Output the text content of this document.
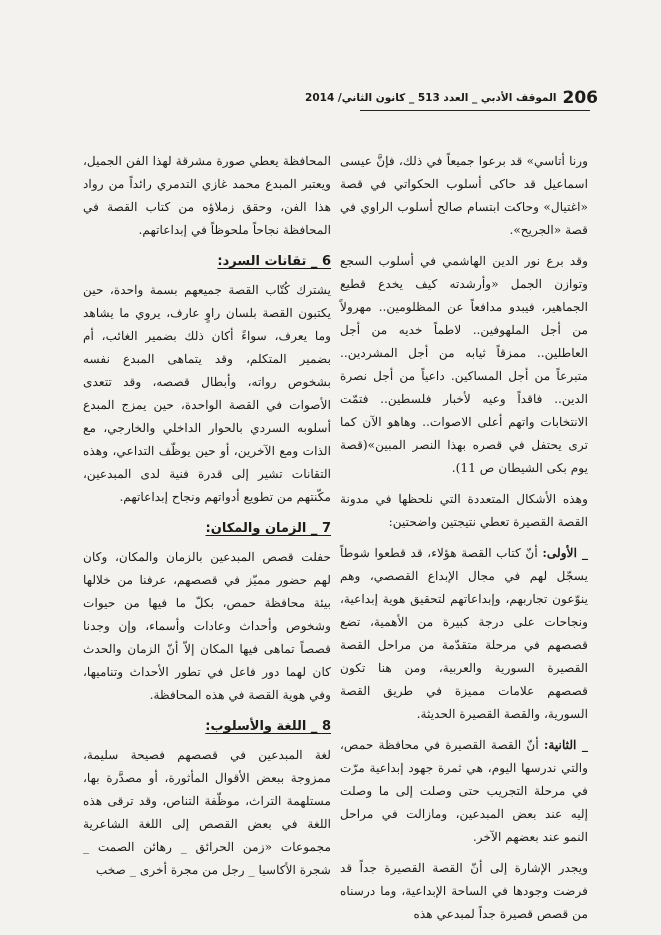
206
الموقف الأدبي _ العدد 513 _ كانون الثاني/ 2014

ورنا أتاسي» قد برعوا جميعاً في ذلك، فإنَّ عيسى اسماعيل قد حاكى أسلوب الحكواتي في قصة «اغتيال» وحاكت ابتسام صالح أسلوب الراوي في قصة «الجريح».

وقد برع نور الدين الهاشمي في أسلوب السجع وتوازن الجمل «وأرشدته كيف يخدع قطيع الجماهير، فيبدو مدافعاً عن المظلومين.. مهرولاً من أجل الملهوفين.. لاطماً خديه من أجل العاطلين.. ممزقاً ثيابه من أجل المشردين.. متبرعاً من أجل المساكين. داعياً من أجل نصرة الدين.. فاقداً وعيه لأخبار فلسطين.. فتمّت الانتخابات واتهم أعلى الاصوات.. وهاهو الآن كما ترى يحتفل في قصره بهذا النصر المبين»(قصة يوم بكى الشيطان ص 11).

وهذه الأشكال المتعددة التي نلحظها في مدونة القصة القصيرة تعطي نتيجتين واضحتين:

_ الأولى: أنّ كتاب القصة هؤلاء، قد قطعوا شوطاً يسجّل لهم في مجال الإبداع القصصي، وهم ينوّعون تجاربهم، وإبداعاتهم لتحقيق هوية إبداعية، ونجاحات على درجة كبيرة من الأهمية، تضع قصصهم في مرحلة متقدّمة من مراحل القصة القصيرة السورية والعربية، ومن هنا تكون قصصهم علامات مميزة في طريق القصة السورية، والقصة القصيرة الحديثة.

_ الثانية: أنّ القصة القصيرة في محافظة حمص، والتي ندرسها اليوم، هي ثمرة جهود إبداعية مرّت في مرحلة التجريب حتى وصلت إلى ما وصلت إليه عند بعض المبدعين، ومازالت في مراحل النمو عند بعضهم الآخر.

ويجدر الإشارة إلى أنّ القصة القصيرة جداً قد فرضت وجودها في الساحة الإبداعية، وما درسناه من قصص قصيرة جداً لمبدعي هذه

المحافظة يعطي صورة مشرقة لهذا الفن الجميل، ويعتبر المبدع محمد غازي التدمري رائداً من رواد هذا الفن، وحقق زملاؤه من كتاب القصة في المحافظة نجاحاً ملحوظاً في إبداعاتهم.

6 _ تقانات السرد:

يشترك كُتّاب القصة جميعهم بسمة واحدة، حين يكتبون القصة بلسان راوٍ عارف، يروي ما يشاهد وما يعرف، سواءً أكان ذلك بضمير الغائب، أم بضمير المتكلم، وقد يتماهى المبدع نفسه بشخوص رواته، وأبطال قصصه، وقد تتعدى الأصوات في القصة الواحدة، حين يمزج المبدع أسلوبه السردي بالحوار الداخلي والخارجي، مع الذات ومع الآخرين، أو حين يوظّف التداعي، وهذه التقانات تشير إلى قدرة فنية لدى المبدعين، مكّنتهم من تطويع أدواتهم ونجاح إبداعاتهم.

7 _ الزمان والمكان:

حفلت قصص المبدعين بالزمان والمكان، وكان لهم حضور مميّز في قصصهم، عرفنا من خلالها بيئة محافظة حمص، بكلّ ما فيها من حيوات وشخوص وأحداث وعادات وأسماء، وإن وجدنا قصصاً تماهى فيها المكان إلاّ أنّ الزمان والحدث كان لهما دور فاعل في تطور الأحداث وتناميها، وفي هوية القصة في هذه المحافظة.

8 _ اللغة والأسلوب:

لغة المبدعين في قصصهم فصيحة سليمة، ممزوجة ببعض الأقوال المأثورة، أو مصدَّرة بها، مستلهمة التراث، موظّفة التناص، وقد ترقى هذه اللغة في بعض القصص إلى اللغة الشاعرية مجموعات «زمن الحرائق _ رهائن الصمت _ شجرة الأكاسيا _ رجل من مجرة أخرى _ صخب
